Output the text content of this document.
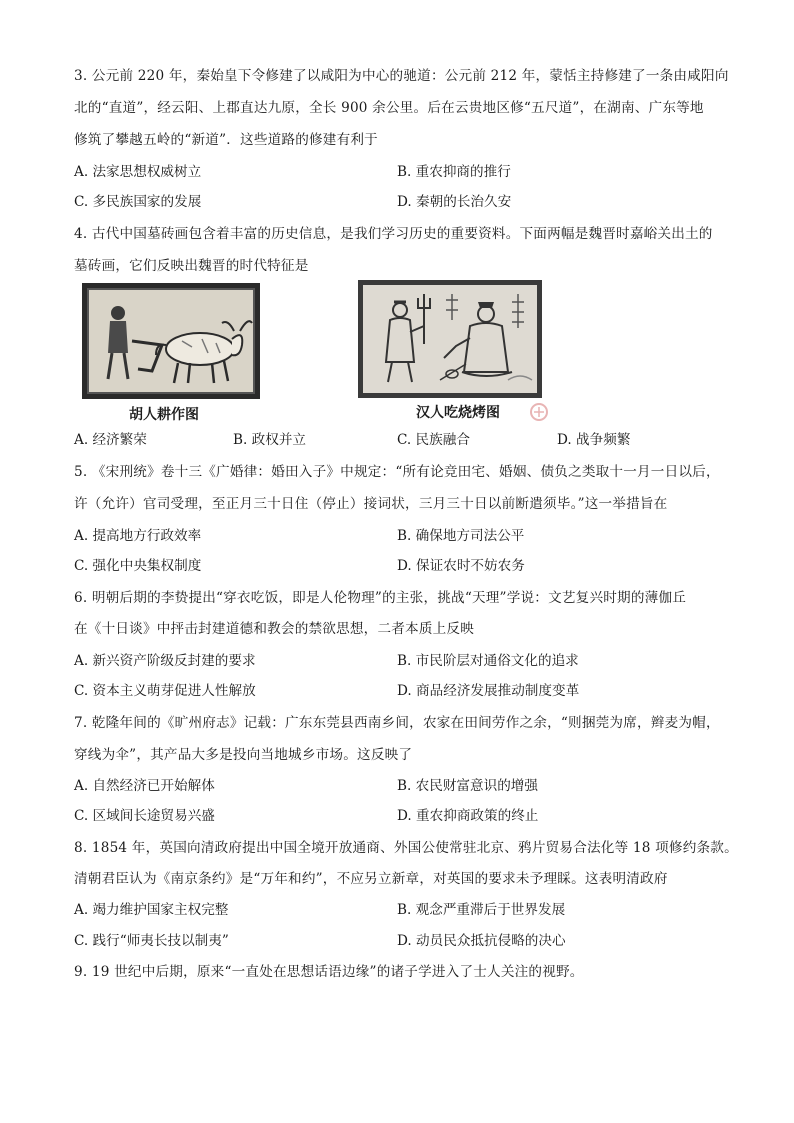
3. 公元前 220 年，秦始皇下令修建了以咸阳为中心的驰道：公元前 212 年，蒙恬主持修建了一条由咸阳向
北的“直道”，经云阳、上郡直达九原，全长 900 余公里。后在云贵地区修“五尺道”，在湖南、广东等地
修筑了攀越五岭的“新道”．这些道路的修建有利于
A. 法家思想权威树立	B. 重农抑商的推行
C. 多民族国家的发展	D. 秦朝的长治久安
4. 古代中国墓砖画包含着丰富的历史信息，是我们学习历史的重要资料。下面两幅是魏晋时嘉峪关出土的
墓砖画，它们反映出魏晋的时代特征是
胡人耕作图	汉人吃烧烤图
A. 经济繁荣	B. 政权并立	C. 民族融合	D. 战争频繁
5. 《宋刑统》卷十三《广婚律：婚田入子》中规定：“所有论竞田宅、婚姻、债负之类取十一月一日以后，
许（允许）官司受理，至正月三十日住（停止）接词状，三月三十日以前断遣须毕。”这一举措旨在
A. 提高地方行政效率	B. 确保地方司法公平
C. 强化中央集权制度	D. 保证农时不妨农务
6. 明朝后期的李贽提出“穿衣吃饭，即是人伦物理”的主张，挑战“天理”学说：文艺复兴时期的薄伽丘
在《十日谈》中抨击封建道德和教会的禁欲思想，二者本质上反映
A. 新兴资产阶级反封建的要求	B. 市民阶层对通俗文化的追求
C. 资本主义萌芽促进人性解放	D. 商品经济发展推动制度变革
7. 乾隆年间的《旷州府志》记载：广东东莞县西南乡间，农家在田间劳作之余，“则捆莞为席，辫麦为帽，
穿线为伞”，其产品大多是投向当地城乡市场。这反映了
A. 自然经济已开始解体	B. 农民财富意识的增强
C. 区域间长途贸易兴盛	D. 重农抑商政策的终止
8. 1854 年，英国向清政府提出中国全境开放通商、外国公使常驻北京、鸦片贸易合法化等 18 项修约条款。
清朝君臣认为《南京条约》是“万年和约”，不应另立新章，对英国的要求未予理睬。这表明清政府
A. 竭力维护国家主权完整	B. 观念严重滞后于世界发展
C. 践行“师夷长技以制夷”	D. 动员民众抵抗侵略的决心
9. 19 世纪中后期，原来“一直处在思想话语边缘”的诸子学进入了士人关注的视野。
